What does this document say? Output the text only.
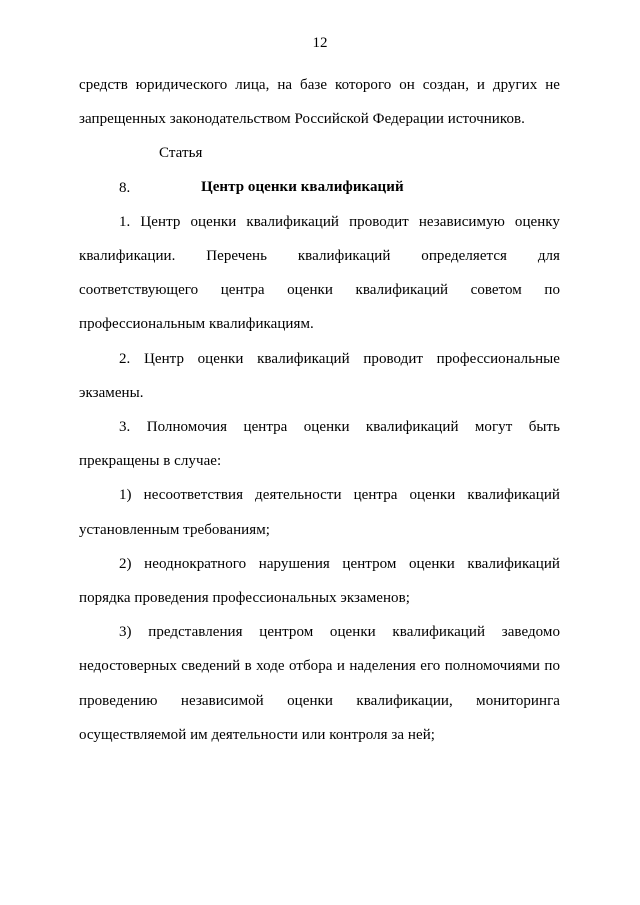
12

средств юридического лица, на базе которого он создан, и других не запрещенных законодательством Российской Федерации источников.

Статья 8.	Центр оценки квалификаций

1. Центр оценки квалификаций проводит независимую оценку квалификации. Перечень квалификаций определяется для соответствующего центра оценки квалификаций советом по профессиональным квалификациям.

2. Центр оценки квалификаций проводит профессиональные экзамены.

3. Полномочия центра оценки квалификаций могут быть прекращены в случае:

1) несоответствия деятельности центра оценки квалификаций установленным требованиям;

2) неоднократного нарушения центром оценки квалификаций порядка проведения профессиональных экзаменов;

3) представления центром оценки квалификаций заведомо недостоверных сведений в ходе отбора и наделения его полномочиями по проведению независимой оценки квалификации, мониторинга осуществляемой им деятельности или контроля за ней;
